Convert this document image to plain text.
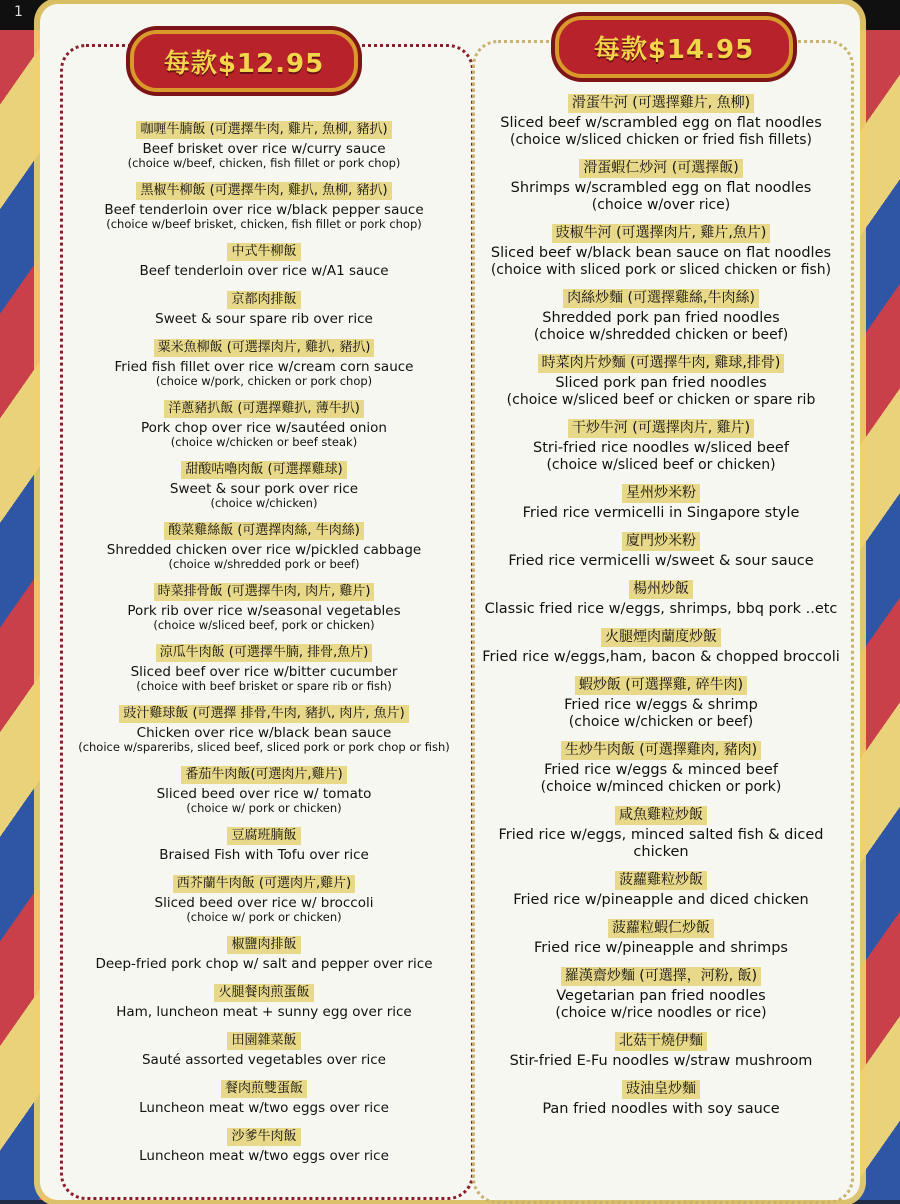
1
每款$12.95	每款$14.95
咖喱牛腩飯 (可選擇牛肉, 雞片, 魚柳, 豬扒)
Beef brisket over rice w/curry sauce
(choice w/beef, chicken, fish fillet or pork chop)
黑椒牛柳飯 (可選擇牛肉, 雞扒, 魚柳, 豬扒)
Beef tenderloin over rice w/black pepper sauce
(choice w/beef brisket, chicken, fish fillet or pork chop)
中式牛柳飯
Beef tenderloin over rice w/A1 sauce
京都肉排飯
Sweet & sour spare rib over rice
粟米魚柳飯 (可選擇肉片, 雞扒, 豬扒)
Fried fish fillet over rice w/cream corn sauce
(choice w/pork, chicken or pork chop)
洋蔥豬扒飯 (可選擇雞扒, 薄牛扒)
Pork chop over rice w/sautéed onion
(choice w/chicken or beef steak)
甜酸咕嚕肉飯 (可選擇雞球)
Sweet & sour pork over rice
(choice w/chicken)
酸菜雞絲飯 (可選擇肉絲, 牛肉絲)
Shredded chicken over rice w/pickled cabbage
(choice w/shredded pork or beef)
時菜排骨飯 (可選擇牛肉, 肉片, 雞片)
Pork rib over rice w/seasonal vegetables
(choice w/sliced beef, pork or chicken)
涼瓜牛肉飯 (可選擇牛腩, 排骨,魚片)
Sliced beef over rice w/bitter cucumber
(choice with beef brisket or spare rib or fish)
豉汁雞球飯 (可選擇 排骨,牛肉, 豬扒, 肉片, 魚片)
Chicken over rice w/black bean sauce
(choice w/spareribs, sliced beef, sliced pork or pork chop or fish)
番茄牛肉飯(可選肉片,雞片)
Sliced beed over rice w/ tomato
(choice w/ pork or chicken)
豆腐班腩飯
Braised Fish with Tofu over rice
西芥蘭牛肉飯 (可選肉片,雞片)
Sliced beed over rice w/ broccoli
(choice w/ pork or chicken)
椒鹽肉排飯
Deep-fried pork chop w/ salt and pepper over rice
火腿餐肉煎蛋飯
Ham, luncheon meat + sunny egg over rice
田園雜菜飯
Sauté assorted vegetables over rice
餐肉煎雙蛋飯
Luncheon meat w/two eggs over rice
沙爹牛肉飯
Luncheon meat w/two eggs over rice
滑蛋牛河 (可選擇雞片, 魚柳)
Sliced beef w/scrambled egg on flat noodles
(choice w/sliced chicken or fried fish fillets)
滑蛋蝦仁炒河 (可選擇飯)
Shrimps w/scrambled egg on flat noodles
(choice w/over rice)
豉椒牛河 (可選擇肉片, 雞片,魚片)
Sliced beef w/black bean sauce on flat noodles
(choice with sliced pork or sliced chicken or fish)
肉絲炒麵 (可選擇雞絲,牛肉絲)
Shredded pork pan fried noodles
(choice w/shredded chicken or beef)
時菜肉片炒麵 (可選擇牛肉, 雞球,排骨)
Sliced pork pan fried noodles
(choice w/sliced beef or chicken or spare rib
干炒牛河 (可選擇肉片, 雞片)
Stri-fried rice noodles w/sliced beef
(choice w/sliced beef or chicken)
星州炒米粉
Fried rice vermicelli in Singapore style
廈門炒米粉
Fried rice vermicelli w/sweet & sour sauce
楊州炒飯
Classic fried rice w/eggs, shrimps, bbq pork ..etc
火腿煙肉蘭度炒飯
Fried rice w/eggs,ham, bacon & chopped broccoli
蝦炒飯 (可選擇雞, 碎牛肉)
Fried rice w/eggs & shrimp
(choice w/chicken or beef)
生炒牛肉飯 (可選擇雞肉, 豬肉)
Fried rice w/eggs & minced beef
(choice w/minced chicken or pork)
咸魚雞粒炒飯
Fried rice w/eggs, minced salted fish & diced chicken
菠蘿雞粒炒飯
Fried rice w/pineapple and diced chicken
菠蘿粒蝦仁炒飯
Fried rice w/pineapple and shrimps
羅漢齋炒麵 (可選擇，河粉, 飯)
Vegetarian pan fried noodles
(choice w/rice noodles or rice)
北菇干燒伊麵
Stir-fried E-Fu noodles w/straw mushroom
豉油皇炒麵
Pan fried noodles with soy sauce
